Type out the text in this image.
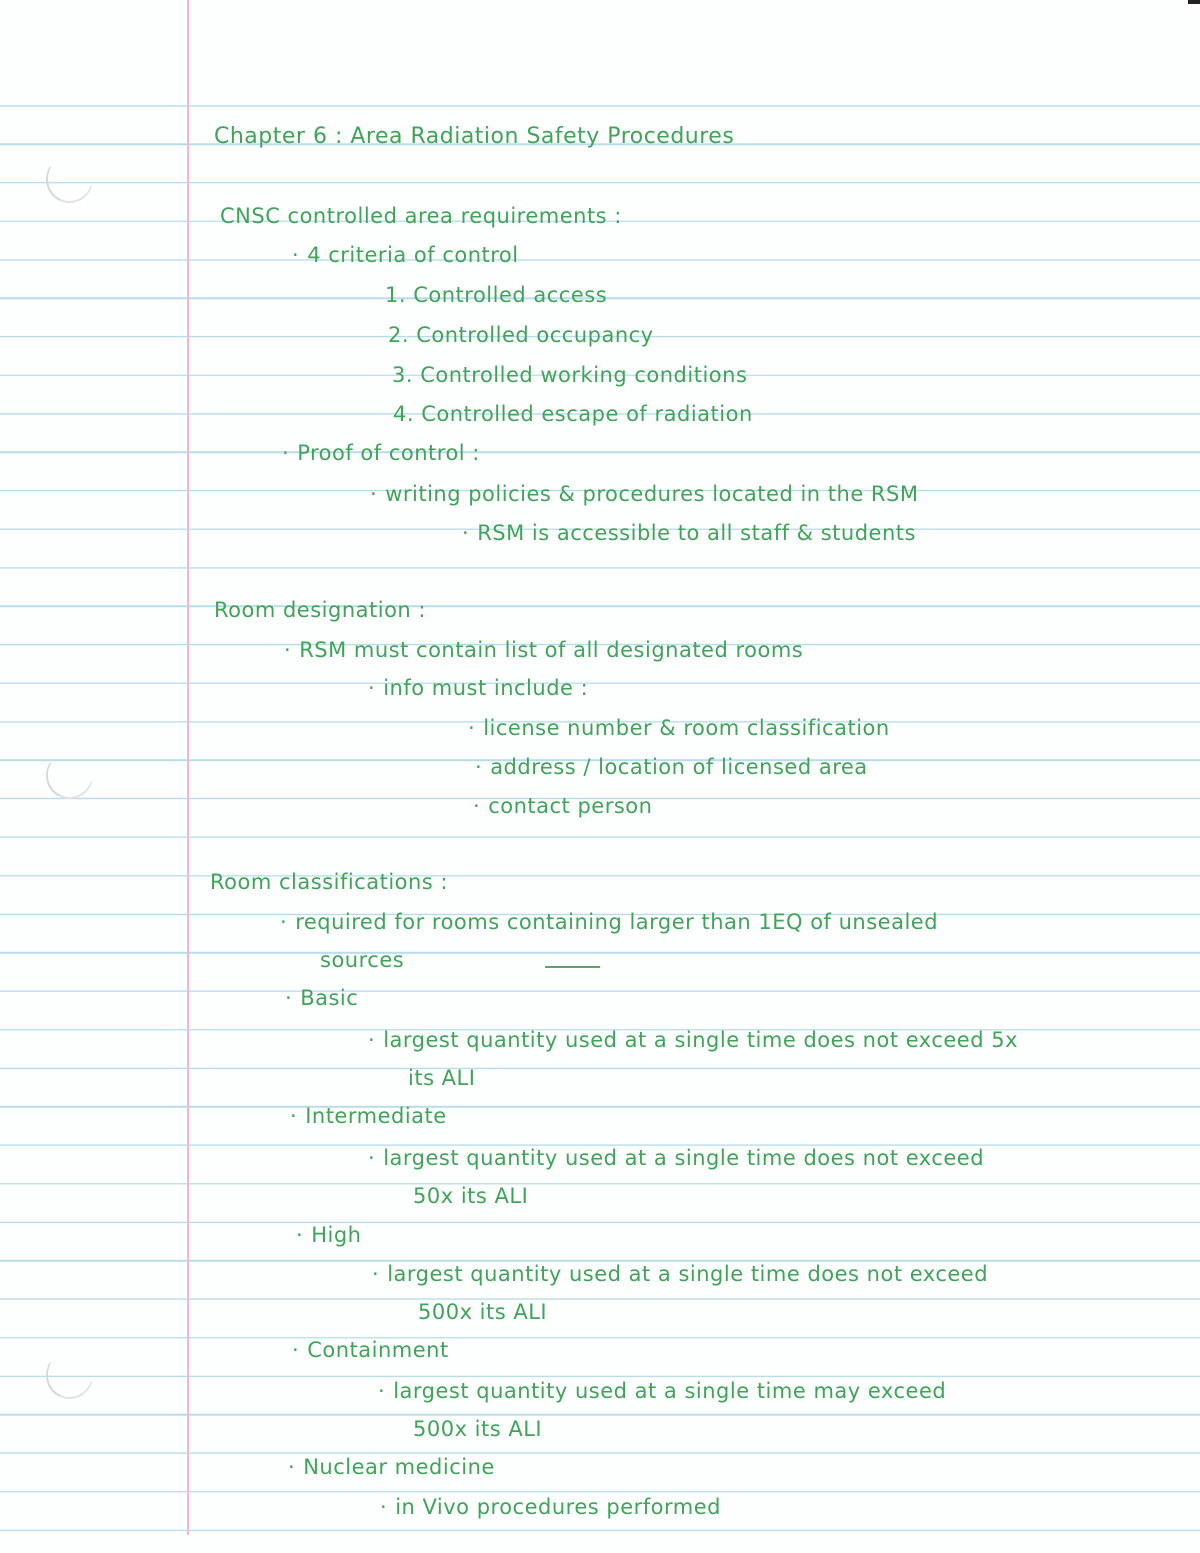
Chapter 6 : Area Radiation Safety Procedures
CNSC controlled area requirements :
· 4 criteria of control
1. Controlled access
2. Controlled occupancy
3. Controlled working conditions
4. Controlled escape of radiation
· Proof of control :
· writing policies & procedures located in the RSM
· RSM is accessible to all staff & students
Room designation :
· RSM must contain list of all designated rooms
· info must include :
· license number & room classification
· address / location of licensed area
· contact person
Room classifications :
· required for rooms containing larger than 1EQ of unsealed
sources
· Basic
· largest quantity used at a single time does not exceed 5x
its ALI
· Intermediate
· largest quantity used at a single time does not exceed
50x its ALI
· High
· largest quantity used at a single time does not exceed
500x its ALI
· Containment
· largest quantity used at a single time may exceed
500x its ALI
· Nuclear medicine
· in Vivo procedures performed
